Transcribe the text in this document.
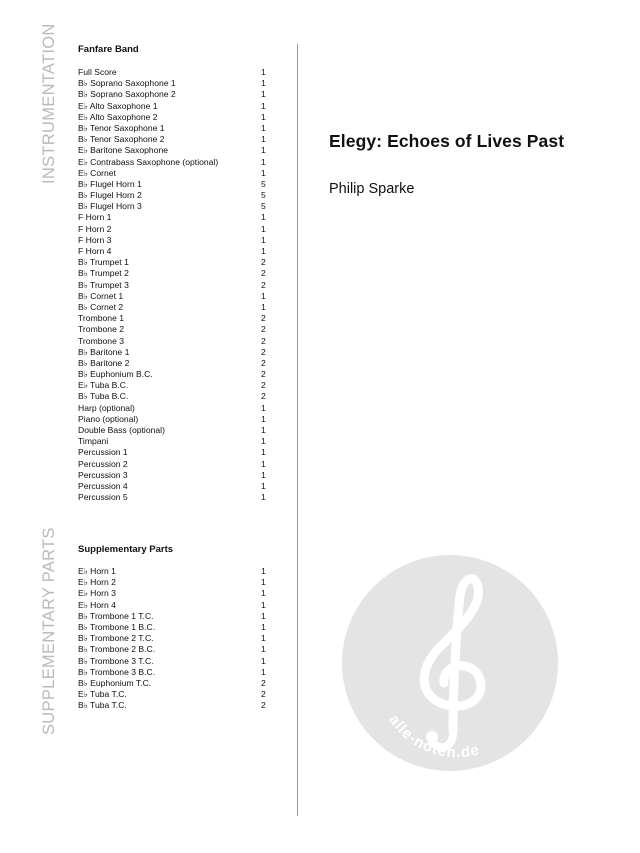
INSTRUMENTATION
SUPPLEMENTARY PARTS
Fanfare Band
Full Score	1
B♭ Soprano Saxophone 1	1
B♭ Soprano Saxophone 2	1
E♭ Alto Saxophone 1	1
E♭ Alto Saxophone 2	1
B♭ Tenor Saxophone 1	1
B♭ Tenor Saxophone 2	1
E♭ Baritone Saxophone	1
E♭ Contrabass Saxophone (optional)	1
E♭ Cornet	1
B♭ Flugel Horn 1	5
B♭ Flugel Horn 2	5
B♭ Flugel Horn 3	5
F Horn 1	1
F Horn 2	1
F Horn 3	1
F Horn 4	1
B♭ Trumpet 1	2
B♭ Trumpet 2	2
B♭ Trumpet 3	2
B♭ Cornet 1	1
B♭ Cornet 2	1
Trombone 1	2
Trombone 2	2
Trombone 3	2
B♭ Baritone 1	2
B♭ Baritone 2	2
B♭ Euphonium B.C.	2
E♭ Tuba B.C.	2
B♭ Tuba B.C.	2
Harp (optional)	1
Piano (optional)	1
Double Bass (optional)	1
Timpani	1
Percussion 1	1
Percussion 2	1
Percussion 3	1
Percussion 4	1
Percussion 5	1
Supplementary Parts
E♭ Horn 1	1
E♭ Horn 2	1
E♭ Horn 3	1
E♭ Horn 4	1
B♭ Trombone 1 T.C.	1
B♭ Trombone 1 B.C.	1
B♭ Trombone 2 T.C.	1
B♭ Trombone 2 B.C.	1
B♭ Trombone 3 T.C.	1
B♭ Trombone 3 B.C.	1
B♭ Euphonium T.C.	2
E♭ Tuba T.C.	2
B♭ Tuba T.C.	2
Elegy: Echoes of Lives Past
Philip Sparke
alle-noten.de
